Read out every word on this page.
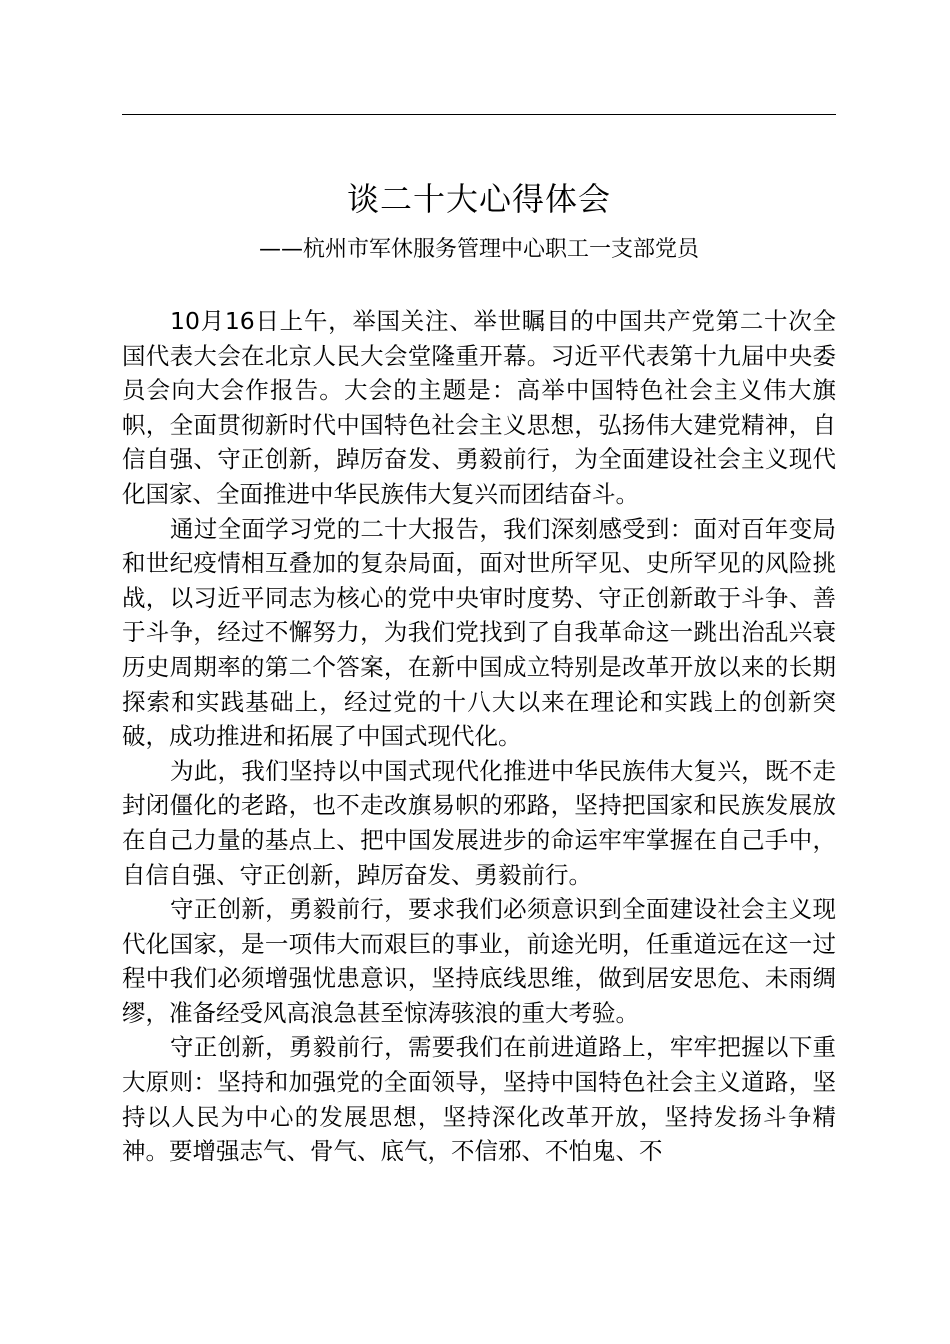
谈二十大心得体会
——杭州市军休服务管理中心职工一支部党员

10月16日上午，举国关注、举世瞩目的中国共产党第二十次全国代表大会在北京人民大会堂隆重开幕。习近平代表第十九届中央委员会向大会作报告。大会的主题是：高举中国特色社会主义伟大旗帜，全面贯彻新时代中国特色社会主义思想，弘扬伟大建党精神，自信自强、守正创新，踔厉奋发、勇毅前行，为全面建设社会主义现代化国家、全面推进中华民族伟大复兴而团结奋斗。

通过全面学习党的二十大报告，我们深刻感受到：面对百年变局和世纪疫情相互叠加的复杂局面，面对世所罕见、史所罕见的风险挑战，以习近平同志为核心的党中央审时度势、守正创新敢于斗争、善于斗争，经过不懈努力，为我们党找到了自我革命这一跳出治乱兴衰历史周期率的第二个答案，在新中国成立特别是改革开放以来的长期探索和实践基础上，经过党的十八大以来在理论和实践上的创新突破，成功推进和拓展了中国式现代化。

为此，我们坚持以中国式现代化推进中华民族伟大复兴，既不走封闭僵化的老路，也不走改旗易帜的邪路，坚持把国家和民族发展放在自己力量的基点上、把中国发展进步的命运牢牢掌握在自己手中，自信自强、守正创新，踔厉奋发、勇毅前行。

守正创新，勇毅前行，要求我们必须意识到全面建设社会主义现代化国家，是一项伟大而艰巨的事业，前途光明，任重道远在这一过程中我们必须增强忧患意识，坚持底线思维，做到居安思危、未雨绸缪，准备经受风高浪急甚至惊涛骇浪的重大考验。

守正创新，勇毅前行，需要我们在前进道路上，牢牢把握以下重大原则：坚持和加强党的全面领导，坚持中国特色社会主义道路，坚持以人民为中心的发展思想，坚持深化改革开放，坚持发扬斗争精神。要增强志气、骨气、底气，不信邪、不怕鬼、不
